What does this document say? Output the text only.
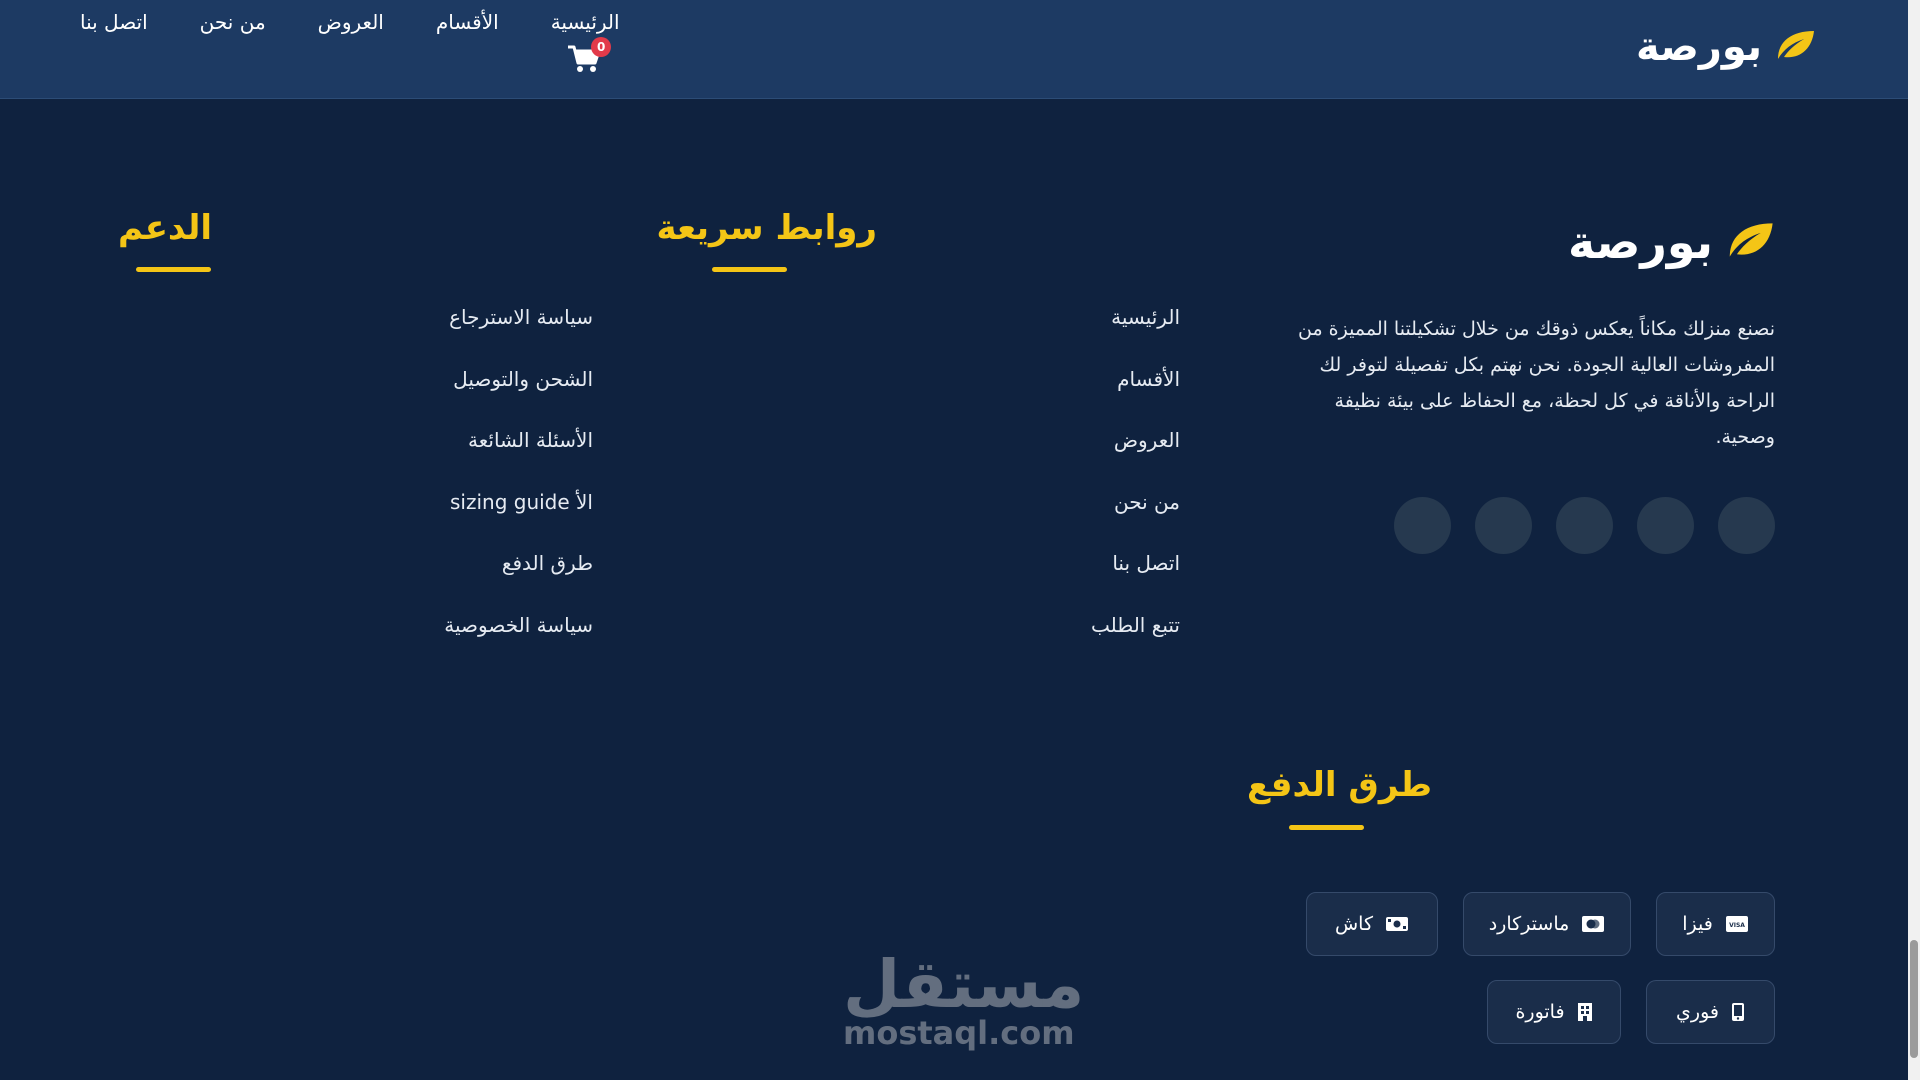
بورصة
اتصل بنا	من نحن	العروض	الأقسام	الرئيسية
0
بورصة

نصنع منزلك مكاناً يعكس ذوقك من خلال تشكيلتنا المميزة من المفروشات العالية الجودة. نحن نهتم بكل تفصيلة لتوفر لك الراحة والأناقة في كل لحظة، مع الحفاظ على بيئة نظيفة وصحية.

روابط سريعة
الرئيسية
الأقسام
العروض
من نحن
اتصل بنا
تتبع الطلب
الدعم
سياسة الاسترجاع
الشحن والتوصيل
الأسئلة الشائعة
الأ sizing guide
طرق الدفع
سياسة الخصوصية
طرق الدفع
VISA
فيزا
ماستركارد
كاش
فوري
فاتورة
مستقل
mostaql.com
